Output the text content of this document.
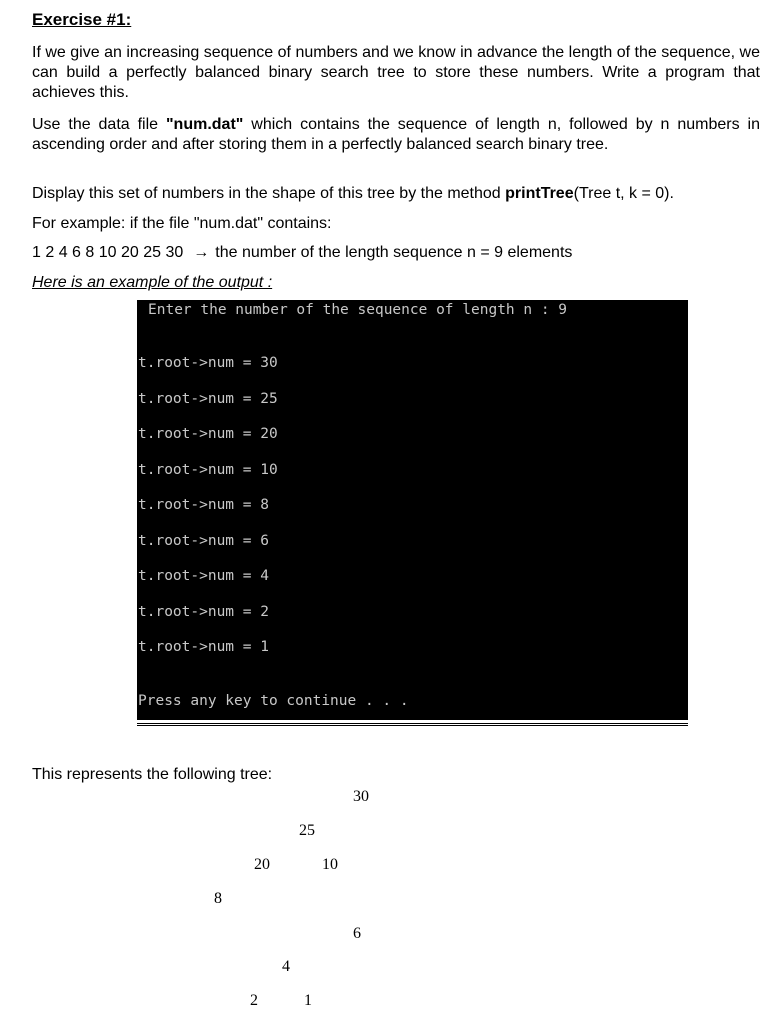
Exercise #1:
If we give an increasing sequence of numbers and we know in advance the length of the sequence, we can build a perfectly balanced binary search tree to store these numbers. Write a program that achieves this.
Use the data file "num.dat" which contains the sequence of length n, followed by n numbers in ascending order and after storing them in a perfectly balanced search binary tree.
Display this set of numbers in the shape of this tree by the method printTree(Tree t, k = 0).
For example: if the file "num.dat" contains:
1 2 4 6 8 10 20 25 30 → the number of the length sequence n = 9 elements
Here is an example of the output :
Enter the number of the sequence of length n : 9
t.root->num = 30
t.root->num = 25
t.root->num = 20
t.root->num = 10
t.root->num = 8
t.root->num = 6
t.root->num = 4
t.root->num = 2
t.root->num = 1
Press any key to continue . . .
This represents the following tree:
30
25
20	10
8
6
4
2	1
